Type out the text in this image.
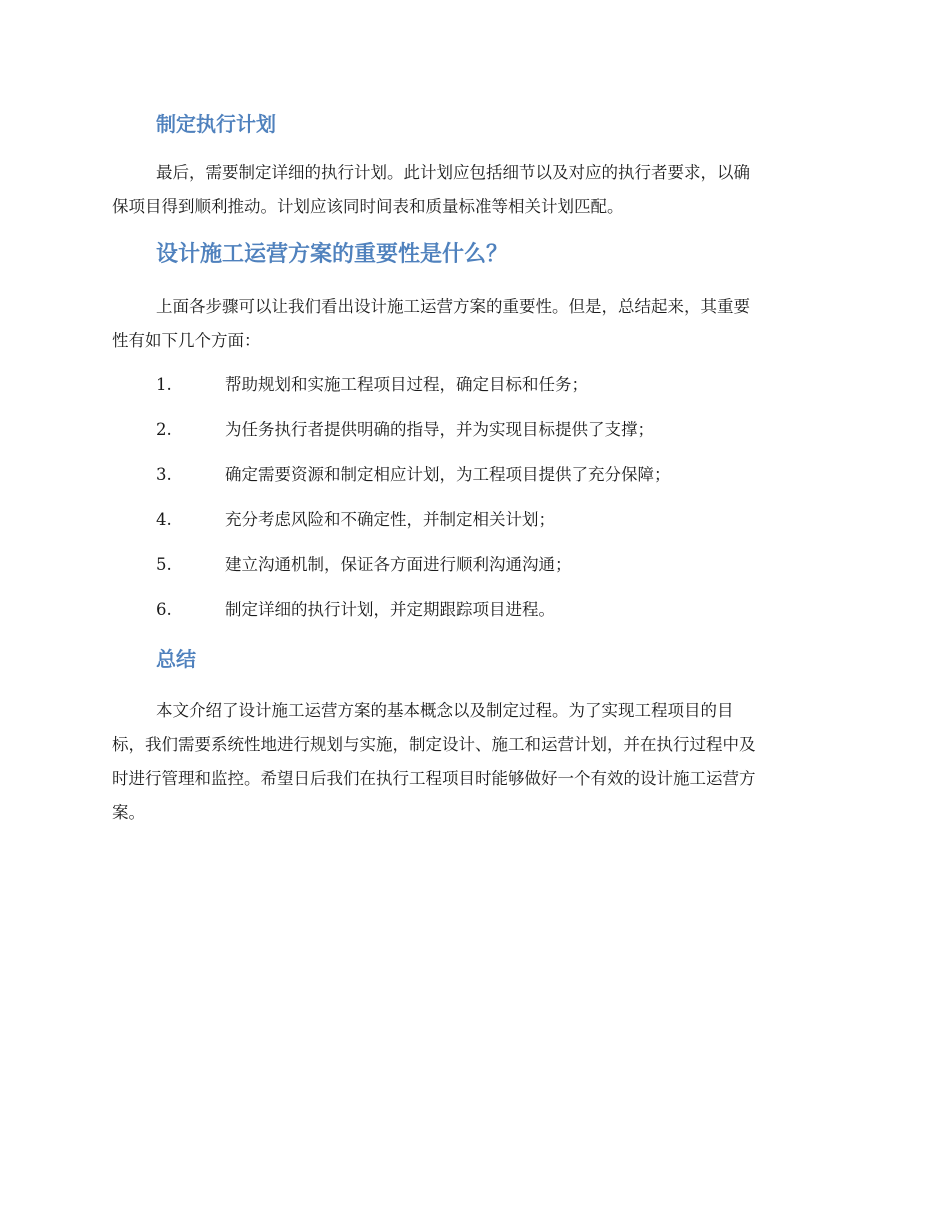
制定执行计划
最后，需要制定详细的执行计划。此计划应包括细节以及对应的执行者要求，以确
保项目得到顺利推动。计划应该同时间表和质量标准等相关计划匹配。
设计施工运营方案的重要性是什么？
上面各步骤可以让我们看出设计施工运营方案的重要性。但是，总结起来，其重要
性有如下几个方面：
1.	帮助规划和实施工程项目过程，确定目标和任务；
2.	为任务执行者提供明确的指导，并为实现目标提供了支撑；
3.	确定需要资源和制定相应计划，为工程项目提供了充分保障；
4.	充分考虑风险和不确定性，并制定相关计划；
5.	建立沟通机制，保证各方面进行顺利沟通沟通；
6.	制定详细的执行计划，并定期跟踪项目进程。
总结
本文介绍了设计施工运营方案的基本概念以及制定过程。为了实现工程项目的目
标，我们需要系统性地进行规划与实施，制定设计、施工和运营计划，并在执行过程中及
时进行管理和监控。希望日后我们在执行工程项目时能够做好一个有效的设计施工运营方
案。
